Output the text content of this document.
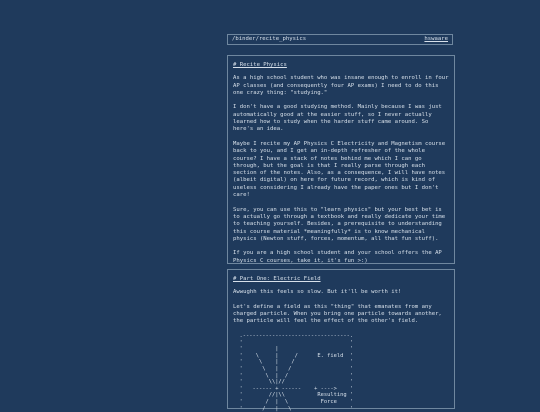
/binder/recite_physics	hswaare
# Recite Physics

As a high school student who was insane enough to enroll in four AP classes (and consequently four AP exams) I need to do this one crazy thing: "studying."

I don't have a good studying method. Mainly because I was just automatically good at the easier stuff, so I never actually learned how to study when the harder stuff came around. So here's an idea.

Maybe I recite my AP Physics C Electricity and Magnetism course back to you, and I get an in-depth refresher of the whole course? I have a stack of notes behind me which I can go through, but the goal is that I really parse through each section of the notes. Also, as a consequence, I will have notes (albeit digital) on here for future record, which is kind of useless considering I already have the paper ones but I don't care!

Sure, you can use this to "learn physics" but your best bet is to actually go through a textbook and really dedicate your time to teaching yourself. Besides, a prerequisite to understanding this course material *meaningfully* is to know mechanical physics (Newton stuff, forces, momentum, all that fun stuff).

If you are a high school student and your school offers the AP Physics C courses, take it, it's fun >:)

# Part One: Electric Field

Awwughh this feels so slow. But it'll be worth it!

Let's define a field as this "thing" that emanates from any charged particle. When you bring one particle towards another, the particle will feel the effect of the other's field.

.---------------------------------.
'                                 '
'          |                      '
'    \     |     /      E. field  '
'     \    |    /                 '
'      \   |   /                  '
'       \  |  /                   '
'        \\|//                    '
'   ------ + ------    + ---->    '
'        //|\\          Resulting '
'       /  |  \          Force    '
'      /   |   \                  '
